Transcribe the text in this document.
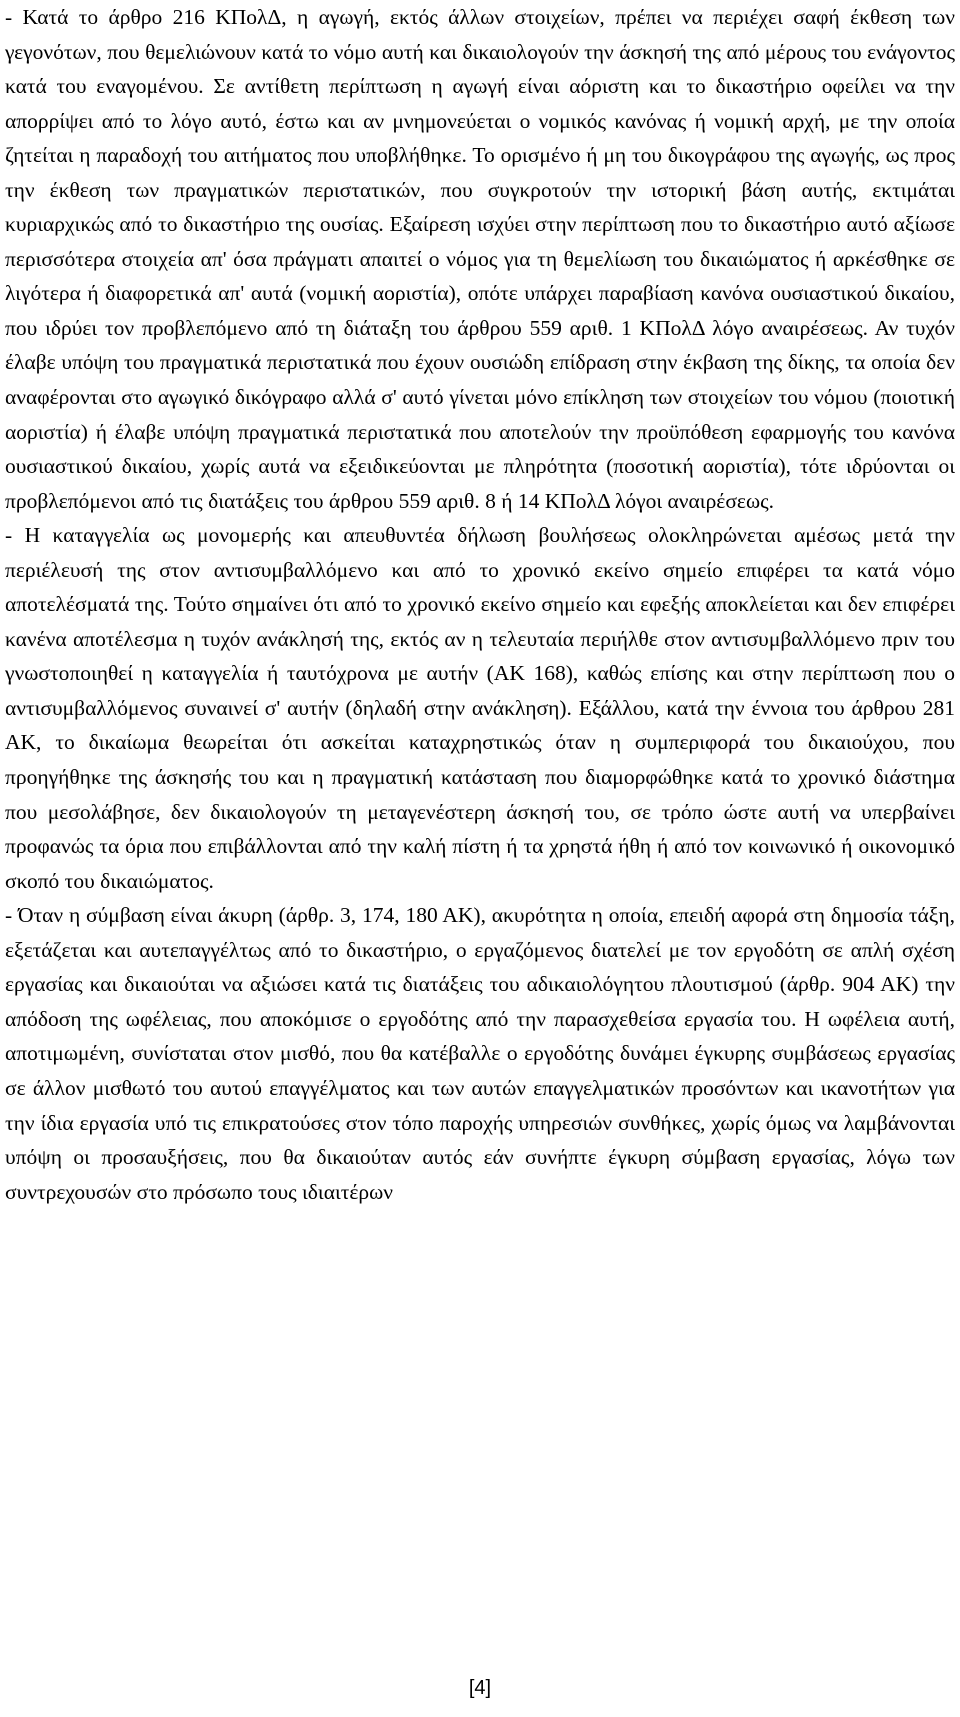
- Κατά το άρθρο 216 ΚΠολΔ, η αγωγή, εκτός άλλων στοιχείων, πρέπει να περιέχει σαφή έκθεση των γεγονότων, που θεμελιώνουν κατά το νόμο αυτή και δικαιολογούν την άσκησή της από μέρους του ενάγοντος κατά του εναγομένου. Σε αντίθετη περίπτωση η αγωγή είναι αόριστη και το δικαστήριο οφείλει να την απορρίψει από το λόγο αυτό, έστω και αν μνημονεύεται ο νομικός κανόνας ή νομική αρχή, με την οποία ζητείται η παραδοχή του αιτήματος που υποβλήθηκε. Το ορισμένο ή μη του δικογράφου της αγωγής, ως προς την έκθεση των πραγματικών περιστατικών, που συγκροτούν την ιστορική βάση αυτής, εκτιμάται κυριαρχικώς από το δικαστήριο της ουσίας. Εξαίρεση ισχύει στην περίπτωση που το δικαστήριο αυτό αξίωσε περισσότερα στοιχεία απ' όσα πράγματι απαιτεί ο νόμος για τη θεμελίωση του δικαιώματος ή αρκέσθηκε σε λιγότερα ή διαφορετικά απ' αυτά (νομική αοριστία), οπότε υπάρχει παραβίαση κανόνα ουσιαστικού δικαίου, που ιδρύει τον προβλεπόμενο από τη διάταξη του άρθρου 559 αριθ. 1 ΚΠολΔ λόγο αναιρέσεως. Αν τυχόν έλαβε υπόψη του πραγματικά περιστατικά που έχουν ουσιώδη επίδραση στην έκβαση της δίκης, τα οποία δεν αναφέρονται στο αγωγικό δικόγραφο αλλά σ' αυτό γίνεται μόνο επίκληση των στοιχείων του νόμου (ποιοτική αοριστία) ή έλαβε υπόψη πραγματικά περιστατικά που αποτελούν την προϋπόθεση εφαρμογής του κανόνα ουσιαστικού δικαίου, χωρίς αυτά να εξειδικεύονται με πληρότητα (ποσοτική αοριστία), τότε ιδρύονται οι προβλεπόμενοι από τις διατάξεις του άρθρου 559 αριθ. 8 ή 14 ΚΠολΔ λόγοι αναιρέσεως.

- Η καταγγελία ως μονομερής και απευθυντέα δήλωση βουλήσεως ολοκληρώνεται αμέσως μετά την περιέλευσή της στον αντισυμβαλλόμενο και από το χρονικό εκείνο σημείο επιφέρει τα κατά νόμο αποτελέσματά της. Τούτο σημαίνει ότι από το χρονικό εκείνο σημείο και εφεξής αποκλείεται και δεν επιφέρει κανένα αποτέλεσμα η τυχόν ανάκλησή της, εκτός αν η τελευταία περιήλθε στον αντισυμβαλλόμενο πριν του γνωστοποιηθεί η καταγγελία ή ταυτόχρονα με αυτήν (ΑΚ 168), καθώς επίσης και στην περίπτωση που ο αντισυμβαλλόμενος συναινεί σ' αυτήν (δηλαδή στην ανάκληση). Εξάλλου, κατά την έννοια του άρθρου 281 ΑΚ, το δικαίωμα θεωρείται ότι ασκείται καταχρηστικώς όταν η συμπεριφορά του δικαιούχου, που προηγήθηκε της άσκησής του και η πραγματική κατάσταση που διαμορφώθηκε κατά το χρονικό διάστημα που μεσολάβησε, δεν δικαιολογούν τη μεταγενέστερη άσκησή του, σε τρόπο ώστε αυτή να υπερβαίνει προφανώς τα όρια που επιβάλλονται από την καλή πίστη ή τα χρηστά ήθη ή από τον κοινωνικό ή οικονομικό σκοπό του δικαιώματος.

- Όταν η σύμβαση είναι άκυρη (άρθρ. 3, 174, 180 ΑΚ), ακυρότητα η οποία, επειδή αφορά στη δημοσία τάξη, εξετάζεται και αυτεπαγγέλτως από το δικαστήριο, ο εργαζόμενος διατελεί με τον εργοδότη σε απλή σχέση εργασίας και δικαιούται να αξιώσει κατά τις διατάξεις του αδικαιολόγητου πλουτισμού (άρθρ. 904 ΑΚ) την απόδοση της ωφέλειας, που αποκόμισε ο εργοδότης από την παρασχεθείσα εργασία του. Η ωφέλεια αυτή, αποτιμωμένη, συνίσταται στον μισθό, που θα κατέβαλλε ο εργοδότης δυνάμει έγκυρης συμβάσεως εργασίας σε άλλον μισθωτό του αυτού επαγγέλματος και των αυτών επαγγελματικών προσόντων και ικανοτήτων για την ίδια εργασία υπό τις επικρατούσες στον τόπο παροχής υπηρεσιών συνθήκες, χωρίς όμως να λαμβάνονται υπόψη οι προσαυξήσεις, που θα δικαιούταν αυτός εάν συνήπτε έγκυρη σύμβαση εργασίας, λόγω των συντρεχουσών στο πρόσωπο τους ιδιαιτέρων

[4]
